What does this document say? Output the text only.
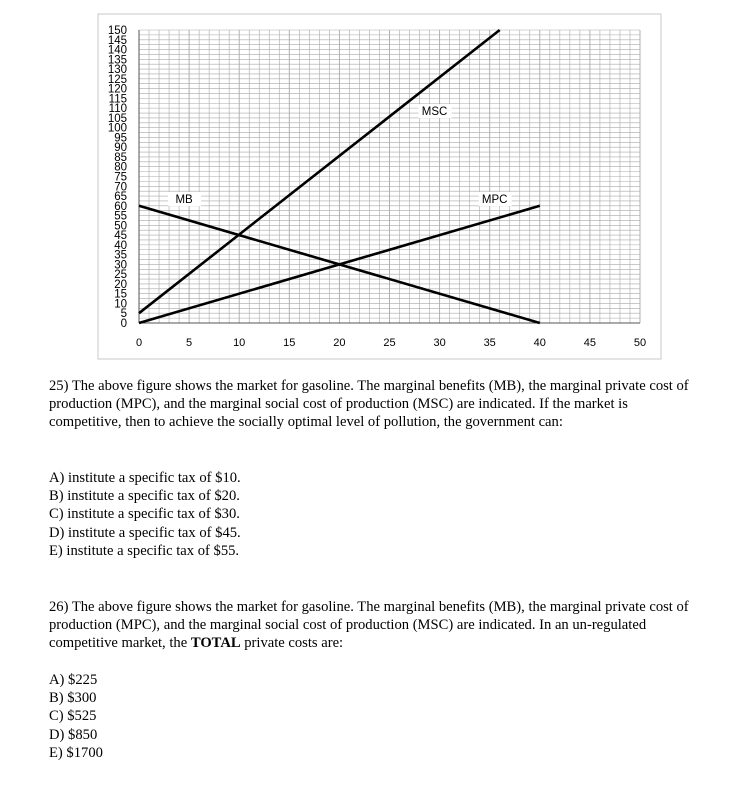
0
5
10
15
20
25
30
35
40
45
50
55
60
65
70
75
80
85
90
95
100
105
110
115
120
125
130
135
140
145
150
0	5	10	15	20	25	30	35	40	45	50
MB	MPC
MSC

25) The above figure shows the market for gasoline. The marginal benefits (MB), the marginal private cost of production (MPC), and the marginal social cost of production (MSC) are indicated. If the market is competitive, then to achieve the socially optimal level of pollution, the government can:

A) institute a specific tax of $10.

B) institute a specific tax of $20.

C) institute a specific tax of $30.

D) institute a specific tax of $45.

E) institute a specific tax of $55.

26) The above figure shows the market for gasoline. The marginal benefits (MB), the marginal private cost of production (MPC), and the marginal social cost of production (MSC) are indicated. In an un-regulated competitive market, the TOTAL private costs are:

A) $225

B) $300

C) $525

D) $850

E) $1700
